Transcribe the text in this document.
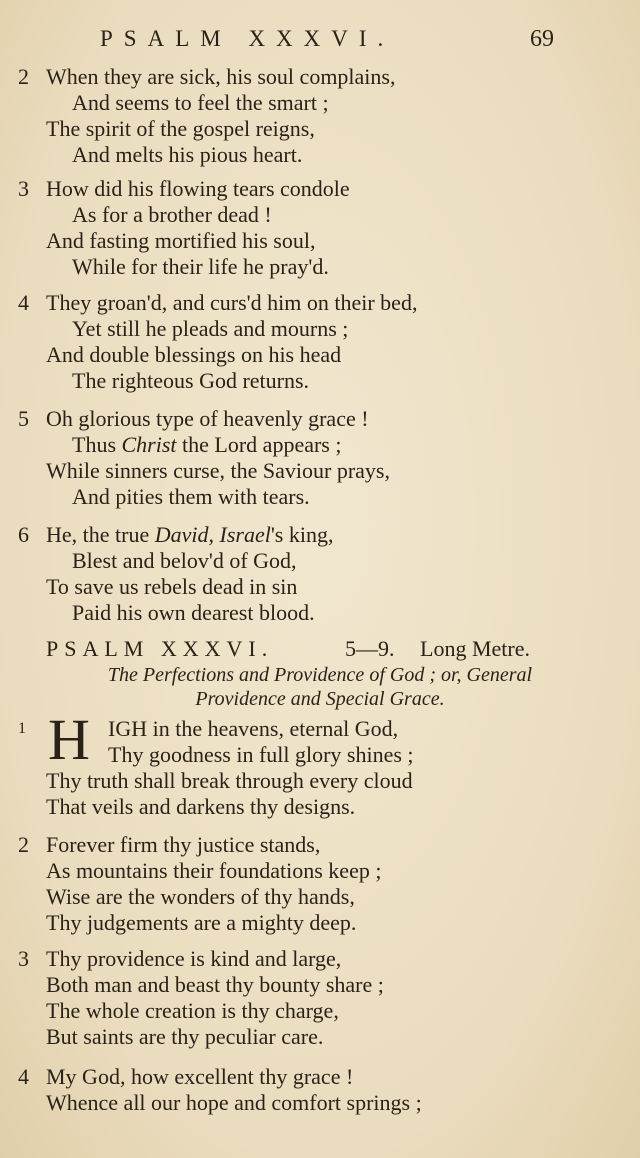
PSALM XXXVI.	69
2 When they are sick, his soul complains,
And seems to feel the smart ;
The spirit of the gospel reigns,
And melts his pious heart.
3 How did his flowing tears condole
As for a brother dead !
And fasting mortified his soul,
While for their life he pray'd.
4 They groan'd, and curs'd him on their bed,
Yet still he pleads and mourns ;
And double blessings on his head
The righteous God returns.
5 Oh glorious type of heavenly grace !
Thus Christ the Lord appears ;
While sinners curse, the Saviour prays,
And pities them with tears.
6 He, the true David, Israel's king,
Blest and belov'd of God,
To save us rebels dead in sin
Paid his own dearest blood.
PSALM XXXVI.	5—9. Long Metre.
The Perfections and Providence of God ; or, General
Providence and Special Grace.
1	IGH in the heavens, eternal God,
Thy goodness in full glory shines ;
Thy truth shall break through every cloud
That veils and darkens thy designs.
H
2 Forever firm thy justice stands,
As mountains their foundations keep ;
Wise are the wonders of thy hands,
Thy judgements are a mighty deep.
3 Thy providence is kind and large,
Both man and beast thy bounty share ;
The whole creation is thy charge,
But saints are thy peculiar care.
4 My God, how excellent thy grace !
Whence all our hope and comfort springs ;
